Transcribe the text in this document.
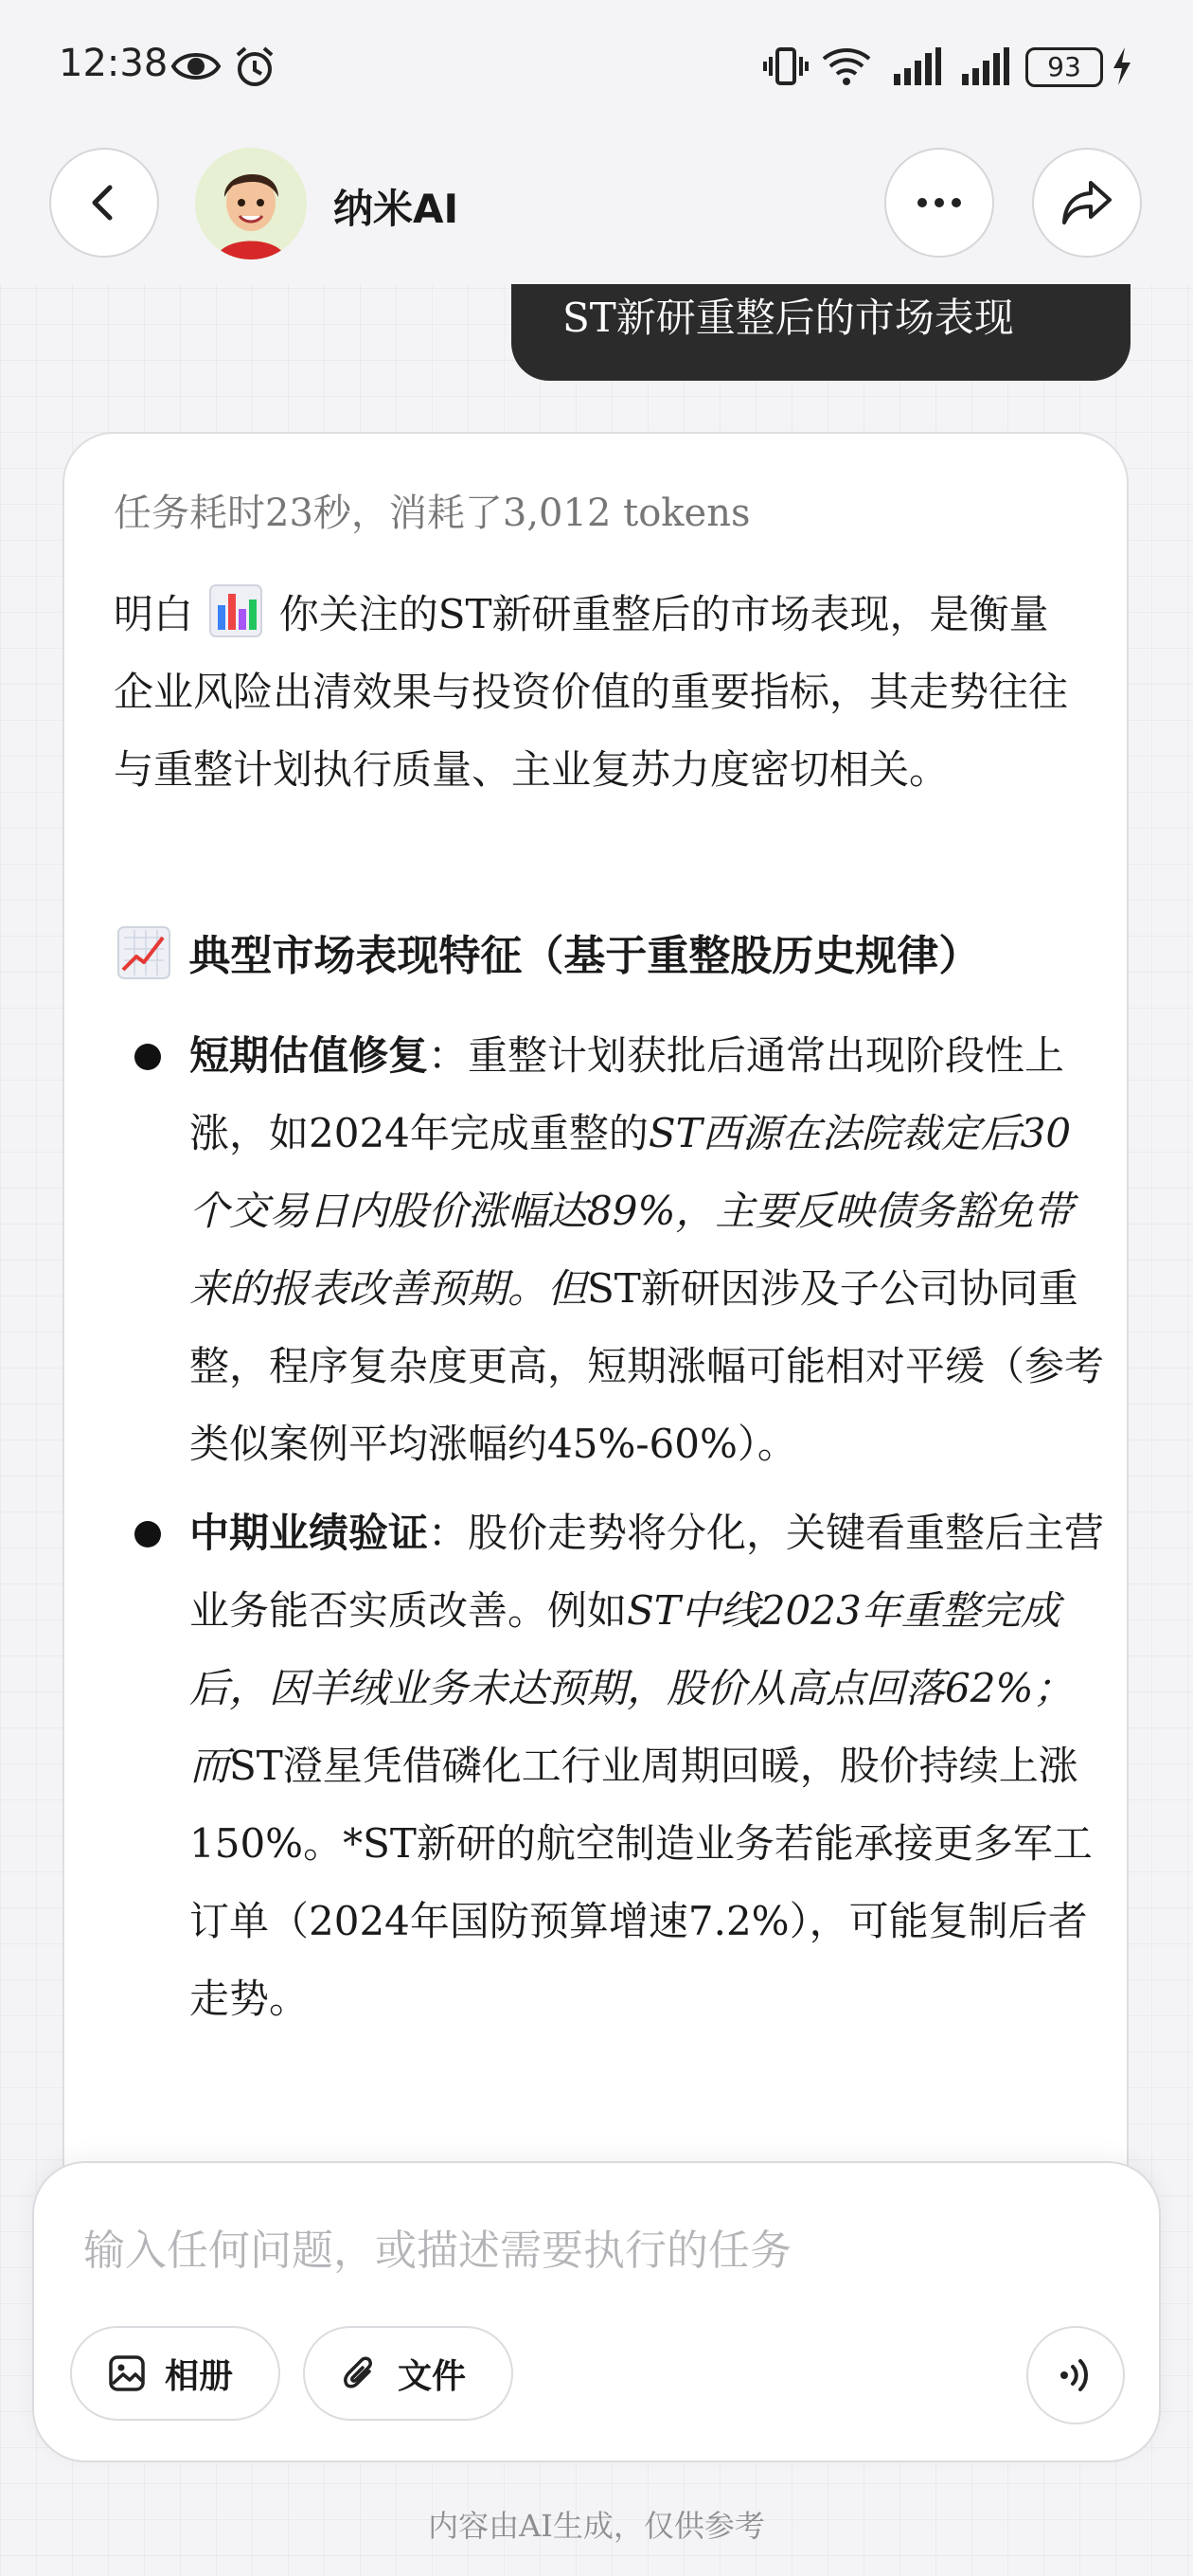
12:38	93
纳米AI
ST新研重整后的市场表现
任务耗时23秒，消耗了3,012 tokens
明白 你关注的ST新研重整后的市场表现，是衡量企业风险出清效果与投资价值的重要指标，其走势往往与重整计划执行质量、主业复苏力度密切相关。
典型市场表现特征（基于重整股历史规律）
短期估值修复：重整计划获批后通常出现阶段性上涨，如2024年完成重整的ST西源在法院裁定后30个交易日内股价涨幅达89%，主要反映债务豁免带来的报表改善预期。但ST新研因涉及子公司协同重整，程序复杂度更高，短期涨幅可能相对平缓（参考类似案例平均涨幅约45%-60%）。
中期业绩验证：股价走势将分化，关键看重整后主营业务能否实质改善。例如ST中线2023年重整完成后，因羊绒业务未达预期，股价从高点回落62%；而ST澄星凭借磷化工行业周期回暖，股价持续上涨150%。*ST新研的航空制造业务若能承接更多军工订单（2024年国防预算增速7.2%），可能复制后者走势。
输入任何问题，或描述需要执行的任务
相册	文件
内容由AI生成，仅供参考
